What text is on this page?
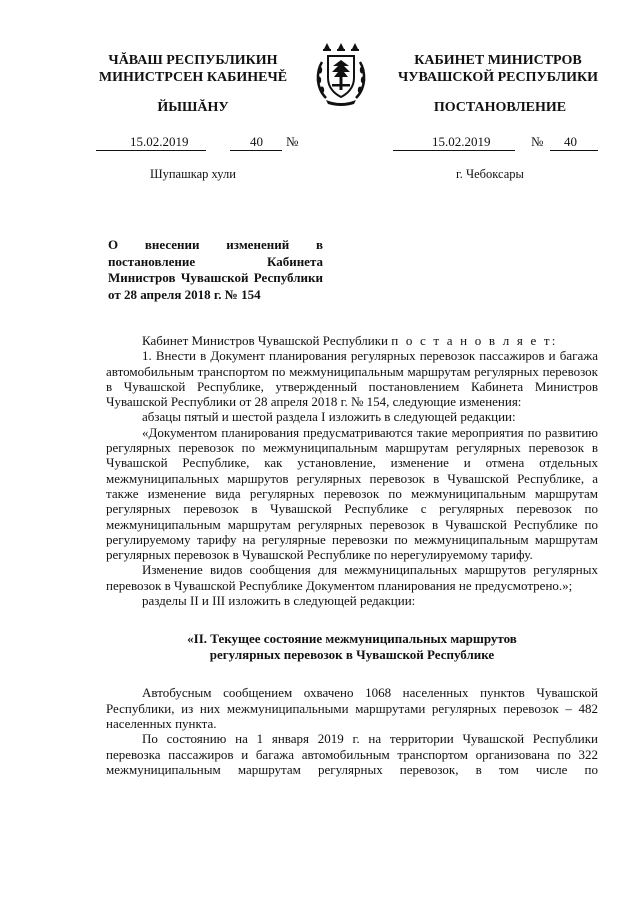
ЧĂВАШ РЕСПУБЛИКИН
МИНИСТРСЕН КАБИНЕЧĚ
ЙЫШĂНУ
КАБИНЕТ МИНИСТРОВ
ЧУВАШСКОЙ РЕСПУБЛИКИ
ПОСТАНОВЛЕНИЕ
15.02.2019	40 №	15.02.2019	№ 40
Шупашкар хули	г. Чебоксары
О внесении изменений в постановление Кабинета Министров Чувашской Республики от 28 апреля 2018 г. № 154

Кабинет Министров Чувашской Республики п о с т а н о в л я е т:

1. Внести в Документ планирования регулярных перевозок пассажиров и багажа автомобильным транспортом по межмуниципальным маршрутам регулярных перевозок в Чувашской Республике, утвержденный постановлением Кабинета Министров Чувашской Республики от 28 апреля 2018 г. № 154, следующие изменения:

абзацы пятый и шестой раздела I изложить в следующей редакции:

«Документом планирования предусматриваются такие мероприятия по развитию регулярных перевозок по межмуниципальным маршрутам регулярных перевозок в Чувашской Республике, как установление, изменение и отмена отдельных межмуниципальных маршрутов регулярных перевозок в Чувашской Республике, а также изменение вида регулярных перевозок по межмуниципальным маршрутам регулярных перевозок в Чувашской Республике с регулярных перевозок по межмуниципальным маршрутам регулярных перевозок в Чувашской Республике по регулируемому тарифу на регулярные перевозки по межмуниципальным маршрутам регулярных перевозок в Чувашской Республике по нерегулируемому тарифу.

Изменение видов сообщения для межмуниципальных маршрутов регулярных перевозок в Чувашской Республике Документом планирования не предусмотрено.»;

разделы II и III изложить в следующей редакции:

«II. Текущее состояние межмуниципальных маршрутов
регулярных перевозок в Чувашской Республике

Автобусным сообщением охвачено 1068 населенных пунктов Чувашской Республики, из них межмуниципальными маршрутами регулярных перевозок – 482 населенных пункта.

По состоянию на 1 января 2019 г. на территории Чувашской Республики перевозка пассажиров и багажа автомобильным транспортом организована по 322 межмуниципальным маршрутам регулярных перевозок, в том числе по
